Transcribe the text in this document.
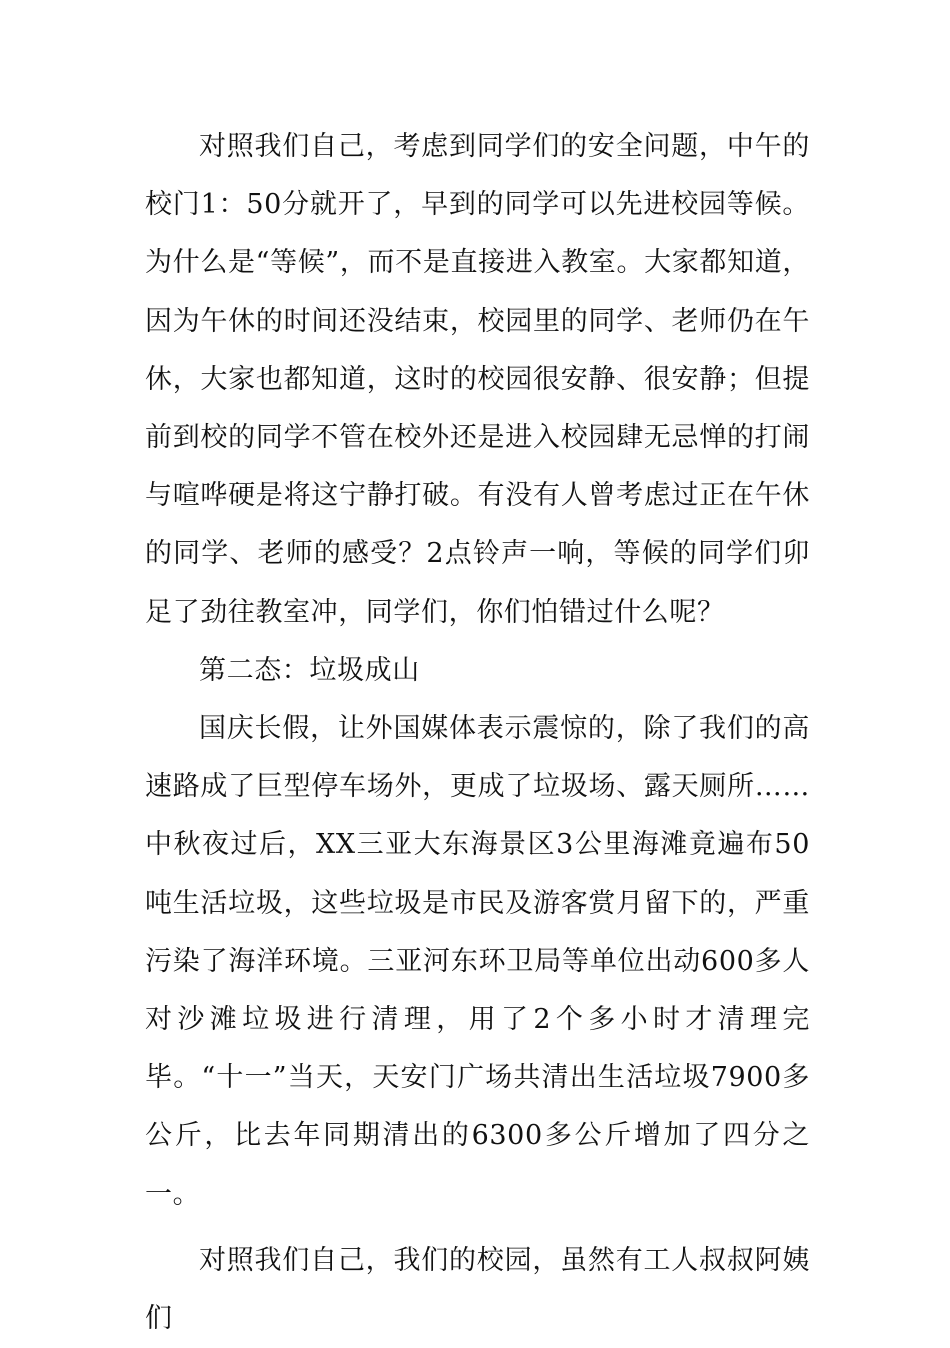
对照我们自己，考虑到同学们的安全问题，中午的校门1：50分就开了，早到的同学可以先进校园等候。为什么是“等候”，而不是直接进入教室。大家都知道，因为午休的时间还没结束，校园里的同学、老师仍在午休，大家也都知道，这时的校园很安静、很安静；但提前到校的同学不管在校外还是进入校园肆无忌惮的打闹与喧哗硬是将这宁静打破。有没有人曾考虑过正在午休的同学、老师的感受？2点铃声一响，等候的同学们卯足了劲往教室冲，同学们，你们怕错过什么呢？

第二态：垃圾成山

国庆长假，让外国媒体表示震惊的，除了我们的高速路成了巨型停车场外，更成了垃圾场、露天厕所……中秋夜过后，XX三亚大东海景区3公里海滩竟遍布50吨生活垃圾，这些垃圾是市民及游客赏月留下的，严重污染了海洋环境。三亚河东环卫局等单位出动600多人对沙滩垃圾进行清理，用了2个多小时才清理完毕。“十一”当天，天安门广场共清出生活垃圾7900多公斤，比去年同期清出的6300多公斤增加了四分之一。

对照我们自己，我们的校园，虽然有工人叔叔阿姨们
